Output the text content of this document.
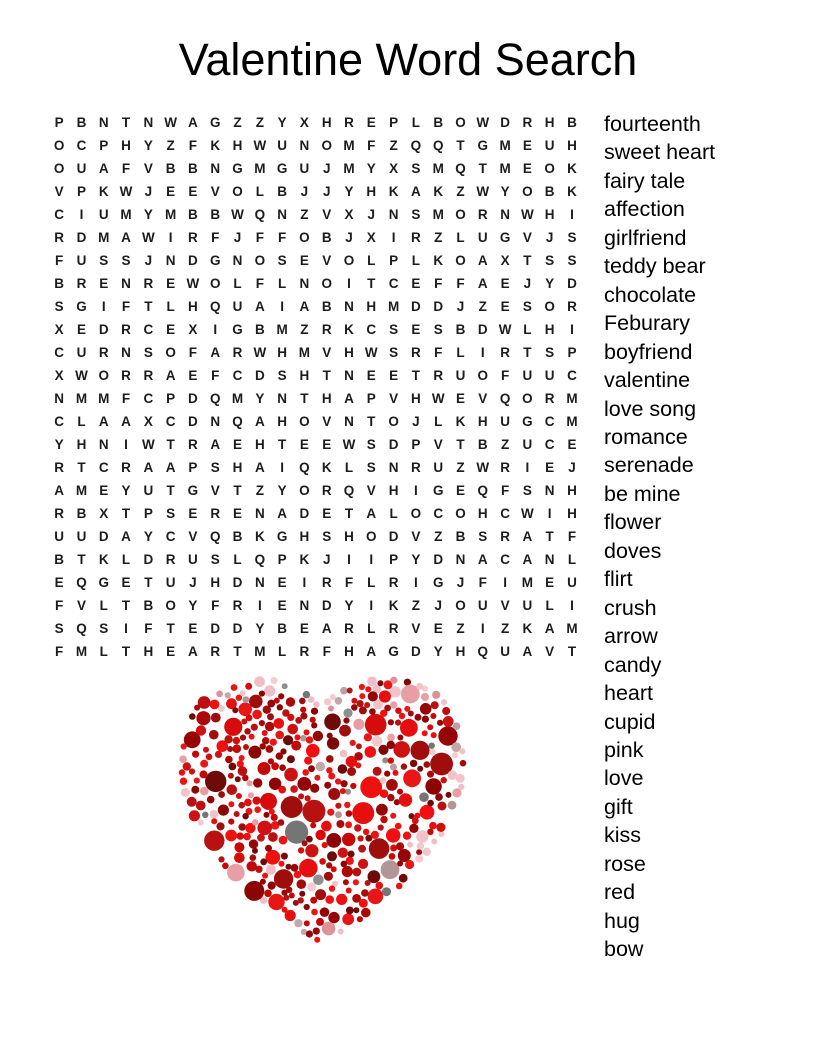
Valentine Word Search
P B N T N W A G Z	Z	Y X H R E P	L B O W D R H B
O C P H Y	Z	F K H W U N O M F	Z Q Q T G M E U H
O U A F	V B B N G M G U	J M Y X S M Q T M E O K
V P K W J	E E V O L B	J	J	Y H K A K Z W Y O B K
C	I	U M Y M B B W Q N Z	V X	J	N S M O R N W H	I
R D M A W	I	R F	J	F	F O B	J	X	I	R Z	L U G V	J	S
F U S S	J	N D G N O S E V O L	P	L K O A X	T	S S
B R E N R E W O L	F	L N O	I	T C E	F	F A E	J	Y D
S G	I	F	T	L H Q U A	I	A B N H M D D	J	Z	E S O R
X E D R C E X	I	G B M Z R K C S E S B D W L H	I
C U R N S O F A R W H M V H W S R F	L	I	R T	S P
X W O R R A E	F C D S H T N E E	T R U O F U U C
N M M F C P D Q M Y N T H A P V H W E V Q O R M
C L A A X C D N Q A H O V N T O J	L K H U G C M
Y H N	I	W T R A E H T	E E W S D P V	T B Z U C E
R T C R A A P S H A	I	Q K L	S N R U Z W R	I	E	J
A M E Y U T G V	T	Z	Y O R Q V H	I	G E Q F	S N H
R B X	T	P S E R E N A D E	T A L O C O H C W	I	H
U U D A Y C V Q B K G H S H O D V	Z B S R A T	F
B T K L D R U S	L Q P K	J	I	I	P Y D N A C A N L
E Q G E	T U	J	H D N E	I	R F	L R	I	G J	F	I	M E U
F	V	L	T B O Y	F R	I	E N D Y	I	K Z	J O U V U L	I
S Q S	I	F	T	E D D Y B E A R L R V E	Z	I	Z K A M
F M L	T H E A R T M L R F H A G D Y H Q U A V	T
fourteenth
sweet heart
fairy tale
affection
girlfriend
teddy bear
chocolate
Feburary
boyfriend
valentine
love song
romance
serenade
be mine
flower
doves
flirt
crush
arrow
candy
heart
cupid
pink
love
gift
kiss
rose
red
hug
bow
